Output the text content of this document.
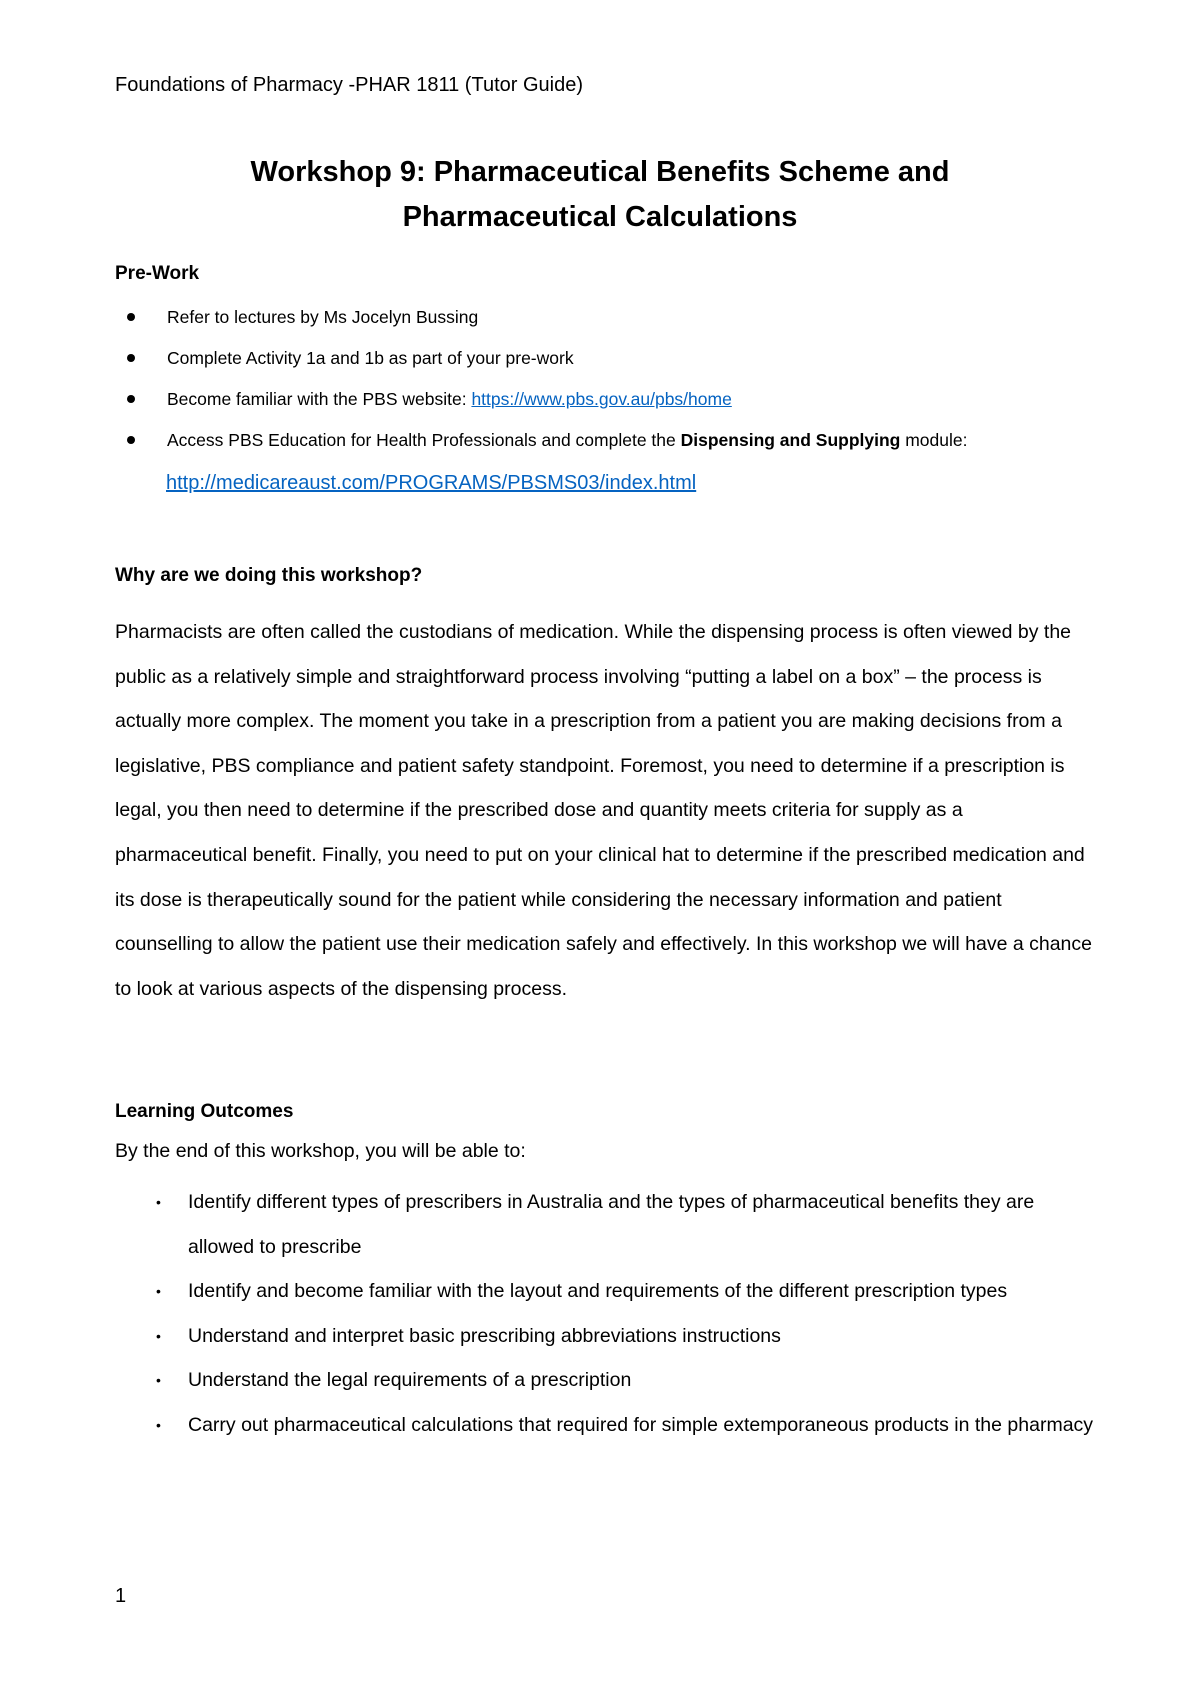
Foundations of Pharmacy -PHAR 1811 (Tutor Guide)
Workshop 9: Pharmaceutical Benefits Scheme and
Pharmaceutical Calculations
Pre-Work
Refer to lectures by Ms Jocelyn Bussing
Complete Activity 1a and 1b as part of your pre-work
Become familiar with the PBS website: https://www.pbs.gov.au/pbs/home
Access PBS Education for Health Professionals and complete the Dispensing and Supplying module:
http://medicareaust.com/PROGRAMS/PBSMS03/index.html
Why are we doing this workshop?

Pharmacists are often called the custodians of medication. While the dispensing process is often viewed by the public as a relatively simple and straightforward process involving “putting a label on a box” – the process is actually more complex. The moment you take in a prescription from a patient you are making decisions from a legislative, PBS compliance and patient safety standpoint. Foremost, you need to determine if a prescription is legal, you then need to determine if the prescribed dose and quantity meets criteria for supply as a pharmaceutical benefit. Finally, you need to put on your clinical hat to determine if the prescribed medication and its dose is therapeutically sound for the patient while considering the necessary information and patient counselling to allow the patient use their medication safely and effectively. In this workshop we will have a chance to look at various aspects of the dispensing process.

Learning Outcomes
By the end of this workshop, you will be able to:
• Identify different types of prescribers in Australia and the types of pharmaceutical benefits they are allowed to prescribe
• Identify and become familiar with the layout and requirements of the different prescription types
• Understand and interpret basic prescribing abbreviations instructions
• Understand the legal requirements of a prescription
• Carry out pharmaceutical calculations that required for simple extemporaneous products in the pharmacy
1
